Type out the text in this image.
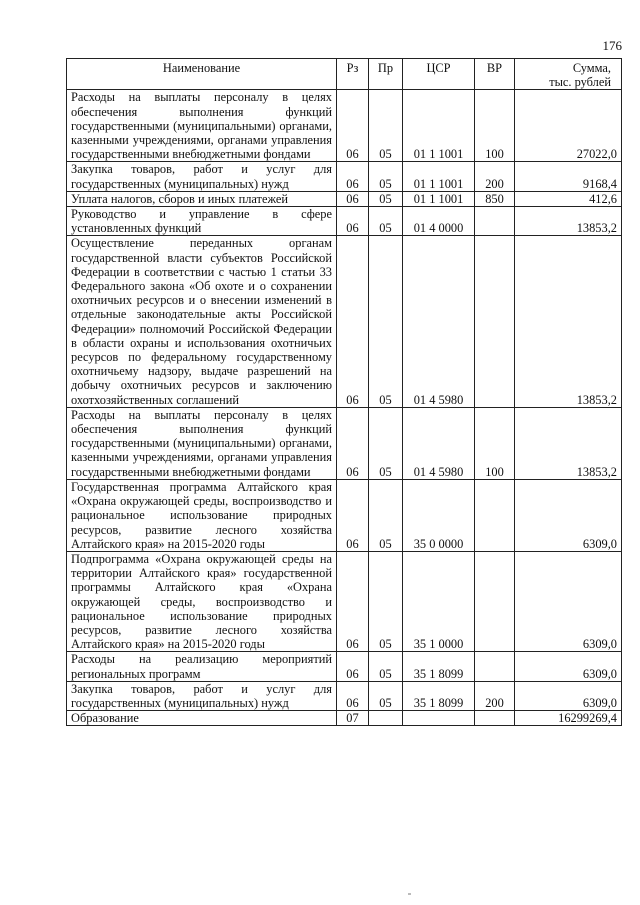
176
Наименование	Рз	Пр	ЦСР	ВР	Сумма,
тыс. рублей
Расходы на выплаты персоналу в целях обеспечения выполнения функций государственными (муниципальными) органами, казенными учреждениями, органами управления государственными внебюджетными фондами	06	05	01 1 1001	100	27022,0
Закупка товаров, работ и услуг для государственных (муниципальных) нужд	06	05	01 1 1001	200	9168,4
Уплата налогов, сборов и иных платежей	06	05	01 1 1001	850	412,6
Руководство и управление в сфере установленных функций	06	05	01 4 0000		13853,2
Осуществление переданных органам государственной власти субъектов Российской Федерации в соответствии с частью 1 статьи 33 Федерального закона «Об охоте и о сохранении охотничьих ресурсов и о внесении изменений в отдельные законодательные акты Российской Федерации» полномочий Российской Федерации в области охраны и использования охотничьих ресурсов по федеральному государственному охотничьему надзору, выдаче разрешений на добычу охотничьих ресурсов и заключению охотхозяйственных соглашений	06	05	01 4 5980		13853,2
Расходы на выплаты персоналу в целях обеспечения выполнения функций государственными (муниципальными) органами, казенными учреждениями, органами управления государственными внебюджетными фондами	06	05	01 4 5980	100	13853,2
Государственная программа Алтайского края «Охрана окружающей среды, воспроизводство и рациональное использование природных ресурсов, развитие лесного хозяйства Алтайского края» на 2015-2020 годы	06	05	35 0 0000		6309,0
Подпрограмма «Охрана окружающей среды на территории Алтайского края» государственной программы Алтайского края «Охрана окружающей среды, воспроизводство и рациональное использование природных ресурсов, развитие лесного хозяйства Алтайского края» на 2015-2020 годы	06	05	35 1 0000		6309,0
Расходы на реализацию мероприятий региональных программ	06	05	35 1 8099		6309,0
Закупка товаров, работ и услуг для государственных (муниципальных) нужд	06	05	35 1 8099	200	6309,0
Образование	07				16299269,4
